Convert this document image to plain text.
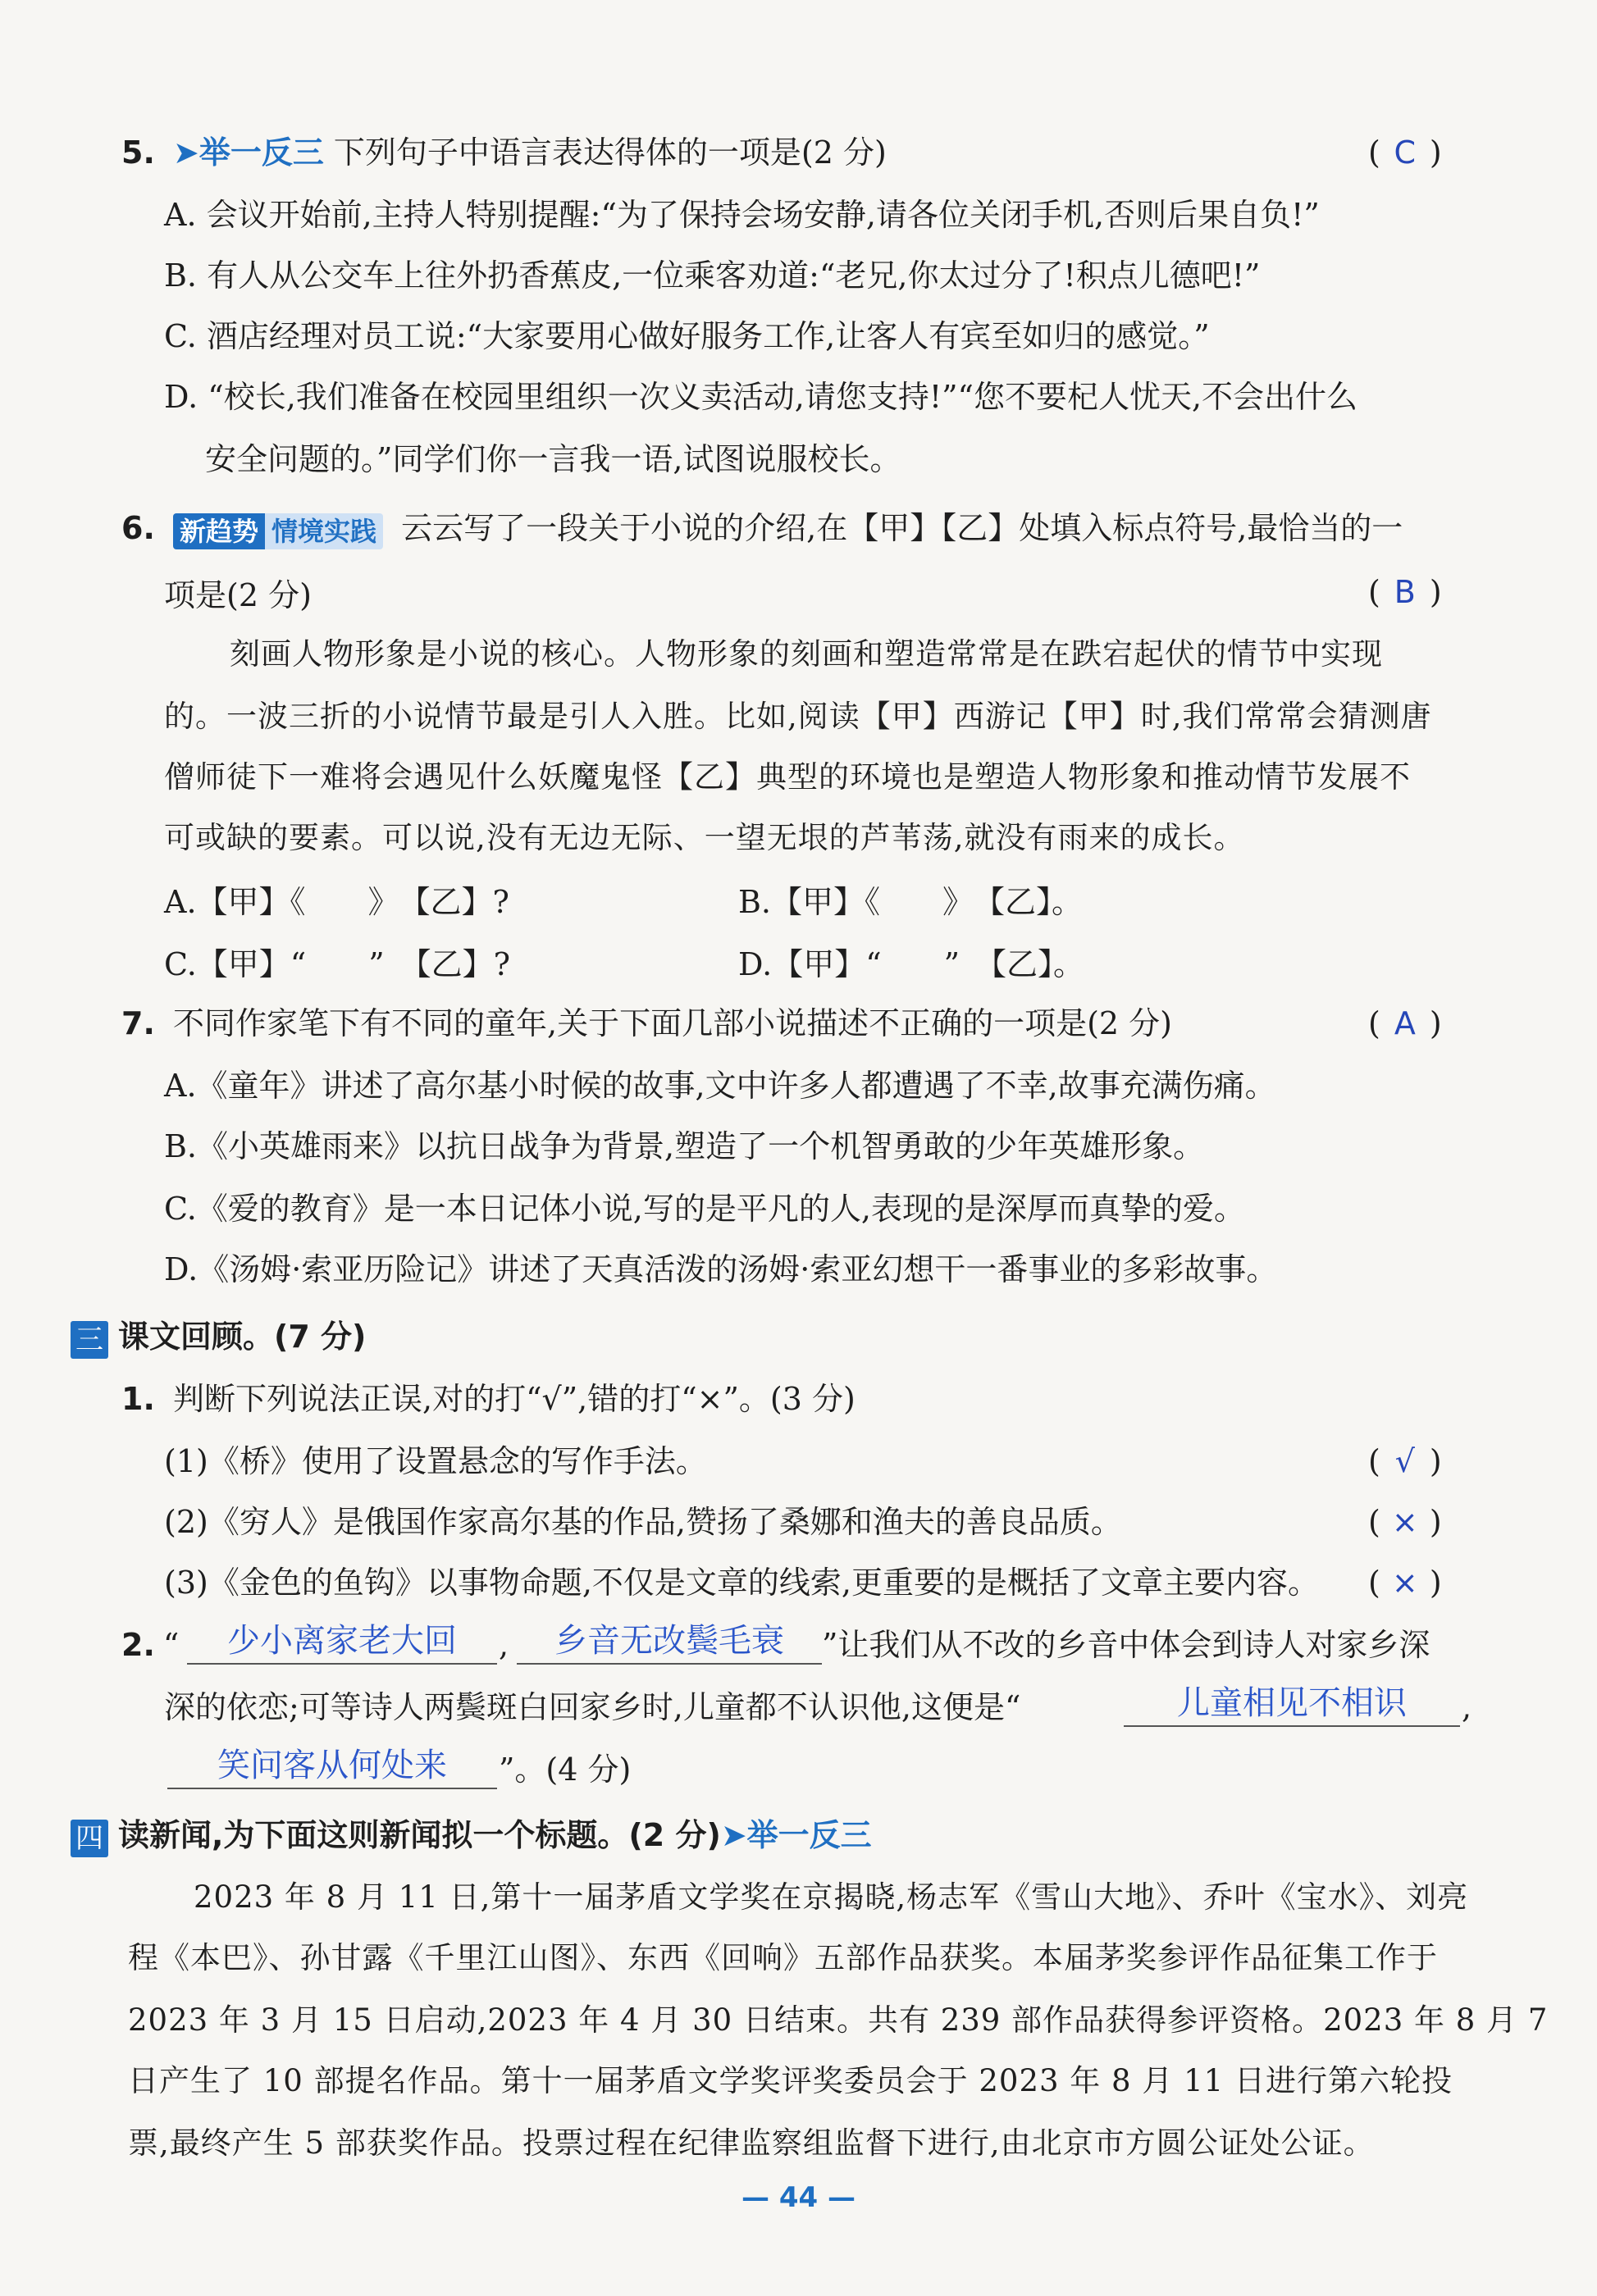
5. ➤举一反三 下列句子中语言表达得体的一项是(2 分)	( C )
A. 会议开始前,主持人特别提醒:“为了保持会场安静,请各位关闭手机,否则后果自负!”
B. 有人从公交车上往外扔香蕉皮,一位乘客劝道:“老兄,你太过分了!积点儿德吧!”
C. 酒店经理对员工说:“大家要用心做好服务工作,让客人有宾至如归的感觉。”
D. “校长,我们准备在校园里组织一次义卖活动,请您支持!”“您不要杞人忧天,不会出什么
安全问题的。”同学们你一言我一语,试图说服校长。
6. 新趋势 情境实践 云云写了一段关于小说的介绍,在【甲】【乙】处填入标点符号,最恰当的一
项是(2 分)	( B )
刻画人物形象是小说的核心。人物形象的刻画和塑造常常是在跌宕起伏的情节中实现
的。一波三折的小说情节最是引人入胜。比如,阅读【甲】西游记【甲】时,我们常常会猜测唐
僧师徒下一难将会遇见什么妖魔鬼怪【乙】典型的环境也是塑造人物形象和推动情节发展不
可或缺的要素。可以说,没有无边无际、一望无垠的芦苇荡,就没有雨来的成长。
A.【甲】《　　》　【乙】?	B.【甲】《　　》　【乙】。
C.【甲】“　　”　【乙】?	D.【甲】“　　”　【乙】。
7. 不同作家笔下有不同的童年,关于下面几部小说描述不正确的一项是(2 分)	( A )
A.《童年》讲述了高尔基小时候的故事,文中许多人都遭遇了不幸,故事充满伤痛。
B.《小英雄雨来》以抗日战争为背景,塑造了一个机智勇敢的少年英雄形象。
C.《爱的教育》是一本日记体小说,写的是平凡的人,表现的是深厚而真挚的爱。
D.《汤姆·索亚历险记》讲述了天真活泼的汤姆·索亚幻想干一番事业的多彩故事。
三 课文回顾。(7 分)
1. 判断下列说法正误,对的打“√”,错的打“×”。(3 分)
(1)《桥》使用了设置悬念的写作手法。	( √ )
(2)《穷人》是俄国作家高尔基的作品,赞扬了桑娜和渔夫的善良品质。	( × )
(3)《金色的鱼钩》以事物命题,不仅是文章的线索,更重要的是概括了文章主要内容。 ( × )
2. “	少小离家老大回	,	乡音无改鬓毛衰	”让我们从不改的乡音中体会到诗人对家乡深
深的依恋;可等诗人两鬓斑白回家乡时,儿童都不认识他,这便是“	儿童相见不相识	,
笑问客从何处来	”。(4 分)
四 读新闻,为下面这则新闻拟一个标题。(2 分)➤举一反三
2023 年 8 月 11 日,第十一届茅盾文学奖在京揭晓,杨志军《雪山大地》、乔叶《宝水》、刘亮
程《本巴》、孙甘露《千里江山图》、东西《回响》五部作品获奖。本届茅奖参评作品征集工作于
2023 年 3 月 15 日启动,2023 年 4 月 30 日结束。共有 239 部作品获得参评资格。2023 年 8 月 7
日产生了 10 部提名作品。第十一届茅盾文学奖评奖委员会于 2023 年 8 月 11 日进行第六轮投
票,最终产生 5 部获奖作品。投票过程在纪律监察组监督下进行,由北京市方圆公证处公证。
— 44 —
